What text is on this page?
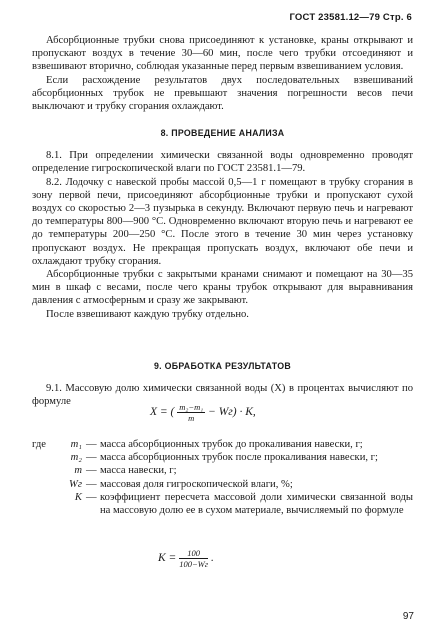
ГОСТ 23581.12—79 Стр. 6

Абсорбционные трубки снова присоединяют к установке, краны открывают и пропускают воздух в течение 30—60 мин, после чего трубки отсоединяют и взвешивают вторично, соблюдая указанные перед первым взвешиванием условия.

Если расхождение результатов двух последовательных взвешиваний абсорбционных трубок не превышают значения погрешности весов печи выключают и трубку сгорания охлаждают.

8. ПРОВЕДЕНИЕ АНАЛИЗА

8.1. При определении химически связанной воды одновременно проводят определение гигроскопической влаги по ГОСТ 23581.1—79.

8.2. Лодочку с навеской пробы массой 0,5—1 г помещают в трубку сгорания в зону первой печи, присоединяют абсорбционные трубки и пропускают сухой воздух со скоростью 2—3 пузырька в секунду. Включают первую печь и нагревают до температуры 800—900 °С. Одновременно включают вторую печь и нагревают ее до температуры 200—250 °С. После этого в течение 30 мин через установку пропускают воздух. Не прекращая пропускать воздух, включают обе печи и охлаждают трубку сгорания.

Абсорбционные трубки с закрытыми кранами снимают и помещают на 30—35 мин в шкаф с весами, после чего краны трубок открывают для выравнивания давления с атмосферным и сразу же закрывают.

После взвешивают каждую трубку отдельно.

9. ОБРАБОТКА РЕЗУЛЬТАТОВ

9.1. Массовую долю химически связанной воды (X) в процентах вычисляют по формуле

X = ( $\frac{\text{m₂−m₁}}{m} - Wг) \cdot K$,
где	m₁ — масса абсорбционных трубок до прокаливания навески, г;
m₂ — масса абсорбционных трубок после прокаливания навески, г;
m — масса навески, г;
Wг — массовая доля гигроскопической влаги, %;
K — коэффициент пересчета массовой доли химически связанной воды на массовую долю ее в сухом материале, вычисляемый по формуле
$K = \frac{100}{100-Wг}$ .
97
